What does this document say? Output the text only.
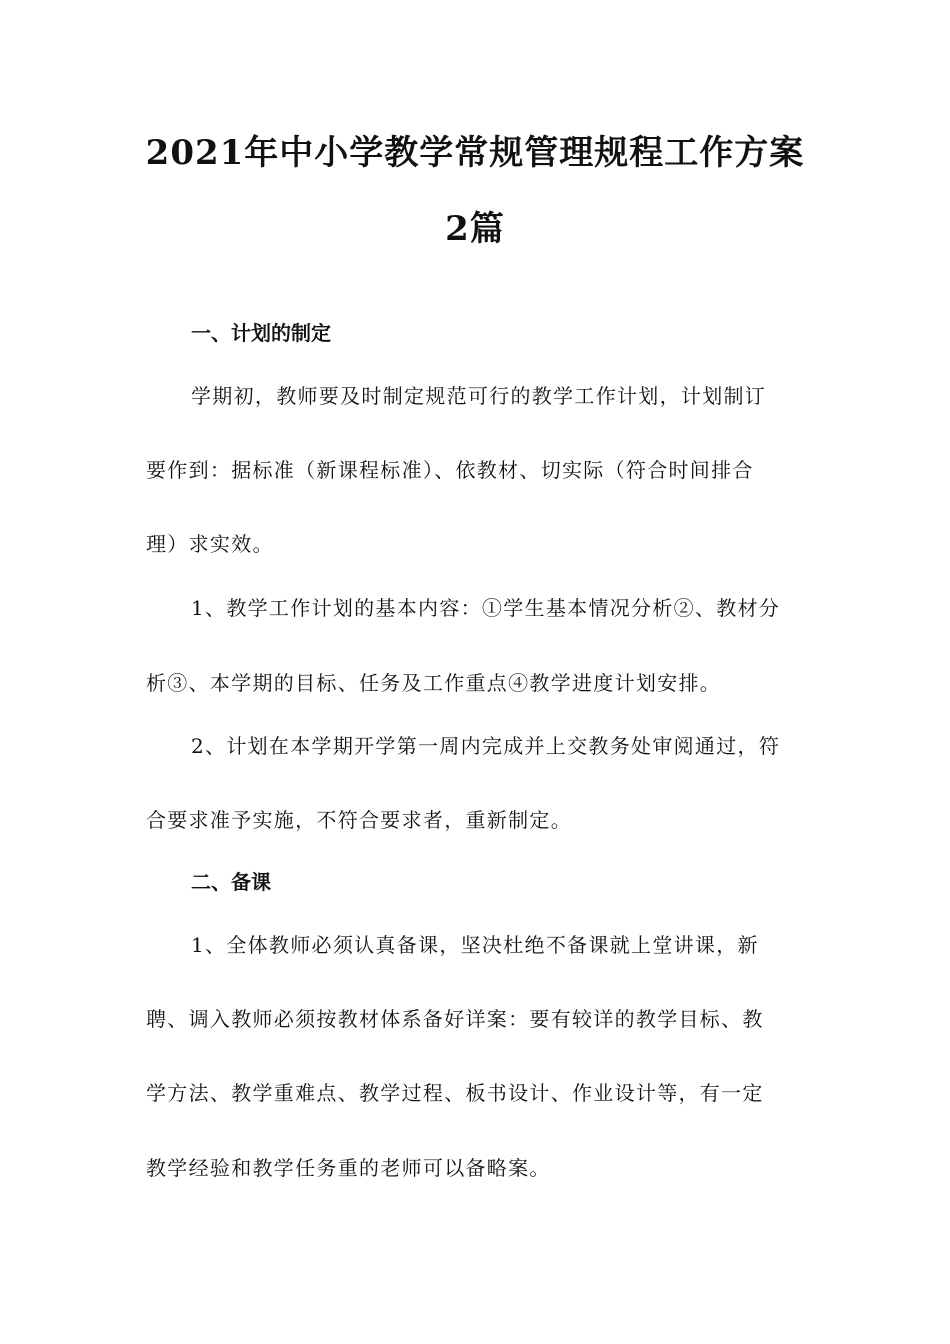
2021年中小学教学常规管理规程工作方案
2篇
一、计划的制定
学期初，教师要及时制定规范可行的教学工作计划，计划制订
要作到：据标准（新课程标准）、依教材、切实际（符合时间排合
理）求实效。
1、教学工作计划的基本内容：①学生基本情况分析②、教材分
析③、本学期的目标、任务及工作重点④教学进度计划安排。
2、计划在本学期开学第一周内完成并上交教务处审阅通过，符
合要求准予实施，不符合要求者，重新制定。
二、备课
1、全体教师必须认真备课，坚决杜绝不备课就上堂讲课，新
聘、调入教师必须按教材体系备好详案：要有较详的教学目标、教
学方法、教学重难点、教学过程、板书设计、作业设计等，有一定
教学经验和教学任务重的老师可以备略案。
